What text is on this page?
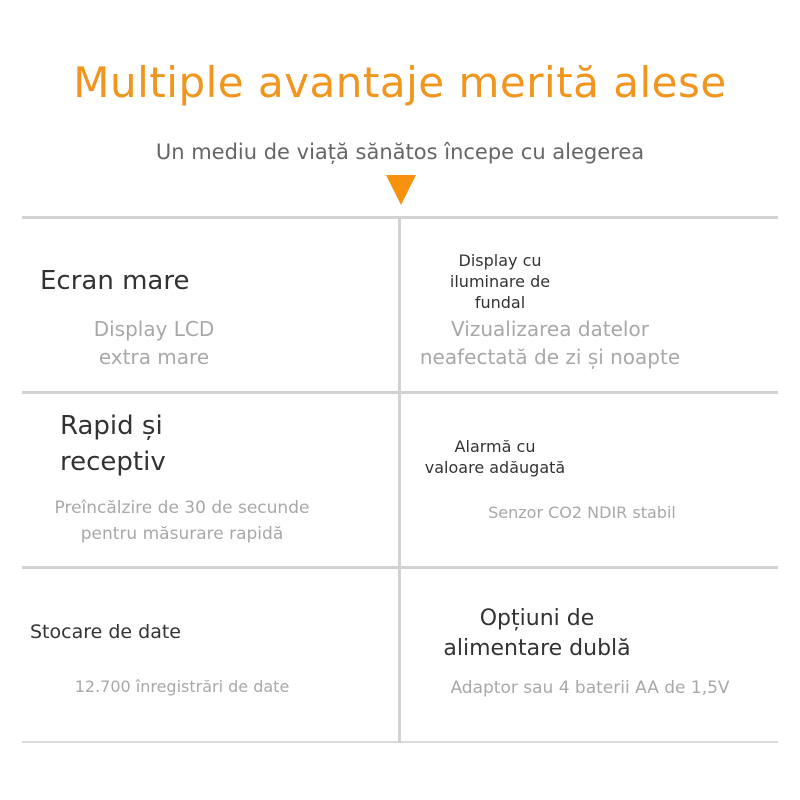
Multiple avantaje merită alese
Un mediu de viață sănătos începe cu alegerea
Ecran mare
Display LCD
extra mare
Display cu
iluminare de
fundal
Vizualizarea datelor
neafectată de zi și noapte
Rapid și
receptiv
Preîncălzire de 30 de secunde
pentru măsurare rapidă
Alarmă cu
valoare adăugată
Senzor CO2 NDIR stabil
Stocare de date
12.700 înregistrări de date
Opțiuni de
alimentare dublă
Adaptor sau 4 baterii AA de 1,5V
